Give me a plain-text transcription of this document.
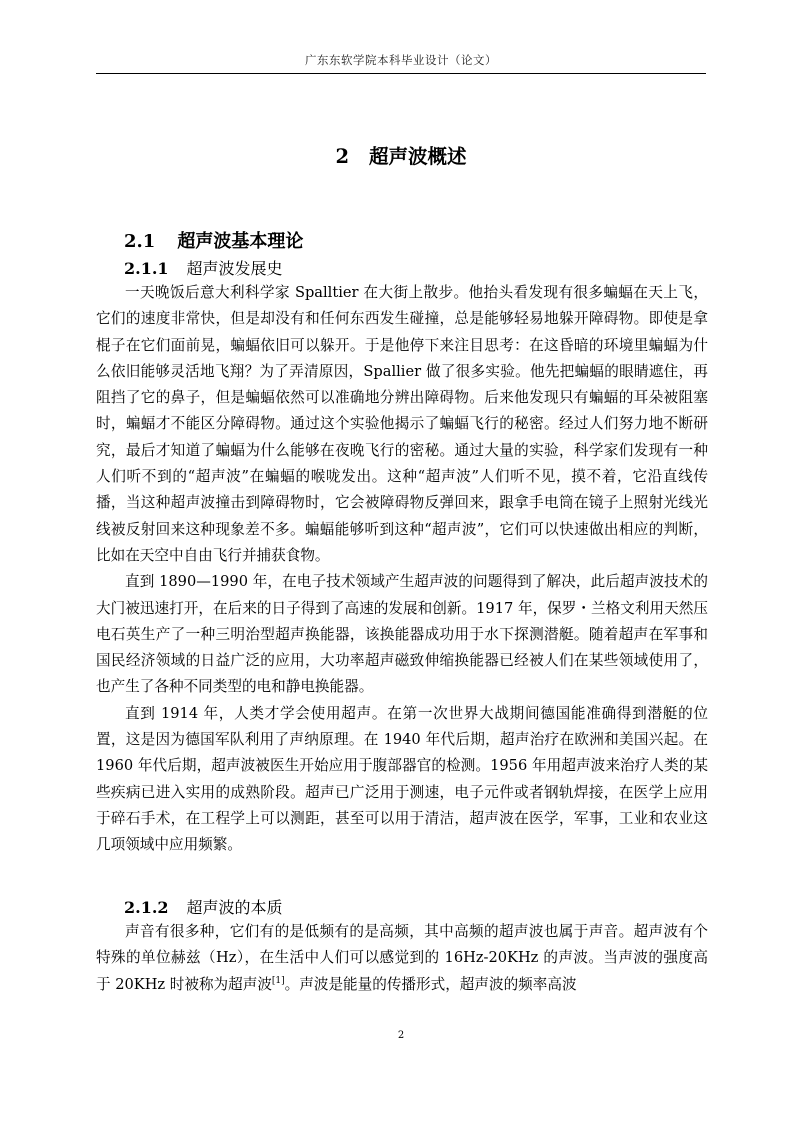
广东东软学院本科毕业设计（论文）
2 超声波概述
2.1 超声波基本理论
2.1.1 超声波发展史

一天晚饭后意大利科学家 Spalltier 在大街上散步。他抬头看发现有很多蝙蝠在天上飞，它们的速度非常快，但是却没有和任何东西发生碰撞，总是能够轻易地躲开障碍物。即使是拿棍子在它们面前晃，蝙蝠依旧可以躲开。于是他停下来注目思考：在这昏暗的环境里蝙蝠为什么依旧能够灵活地飞翔？为了弄清原因，Spallier 做了很多实验。他先把蝙蝠的眼睛遮住，再阻挡了它的鼻子，但是蝙蝠依然可以准确地分辨出障碍物。后来他发现只有蝙蝠的耳朵被阻塞时，蝙蝠才不能区分障碍物。通过这个实验他揭示了蝙蝠飞行的秘密。经过人们努力地不断研究，最后才知道了蝙蝠为什么能够在夜晚飞行的密秘。通过大量的实验，科学家们发现有一种人们听不到的“超声波”在蝙蝠的喉咙发出。这种“超声波”人们听不见，摸不着，它沿直线传播，当这种超声波撞击到障碍物时，它会被障碍物反弹回来，跟拿手电筒在镜子上照射光线光线被反射回来这种现象差不多。蝙蝠能够听到这种“超声波”，它们可以快速做出相应的判断，比如在天空中自由飞行并捕获食物。

直到 1890—1990 年，在电子技术领域产生超声波的问题得到了解决，此后超声波技术的大门被迅速打开，在后来的日子得到了高速的发展和创新。1917 年，保罗・兰格文利用天然压电石英生产了一种三明治型超声换能器，该换能器成功用于水下探测潜艇。随着超声在军事和国民经济领域的日益广泛的应用，大功率超声磁致伸缩换能器已经被人们在某些领域使用了，也产生了各种不同类型的电和静电换能器。

直到 1914 年，人类才学会使用超声。在第一次世界大战期间德国能准确得到潜艇的位置，这是因为德国军队利用了声纳原理。在 1940 年代后期，超声治疗在欧洲和美国兴起。在 1960 年代后期，超声波被医生开始应用于腹部器官的检测。1956 年用超声波来治疗人类的某些疾病已进入实用的成熟阶段。超声已广泛用于测速，电子元件或者钢轨焊接，在医学上应用于碎石手术，在工程学上可以测距，甚至可以用于清洁，超声波在医学，军事，工业和农业这几项领域中应用频繁。

2.1.2 超声波的本质

声音有很多种，它们有的是低频有的是高频，其中高频的超声波也属于声音。超声波有个特殊的单位赫兹（Hz），在生活中人们可以感觉到的 16Hz-20KHz 的声波。当声波的强度高于 20KHz 时被称为超声波[1]。声波是能量的传播形式，超声波的频率高波

2
